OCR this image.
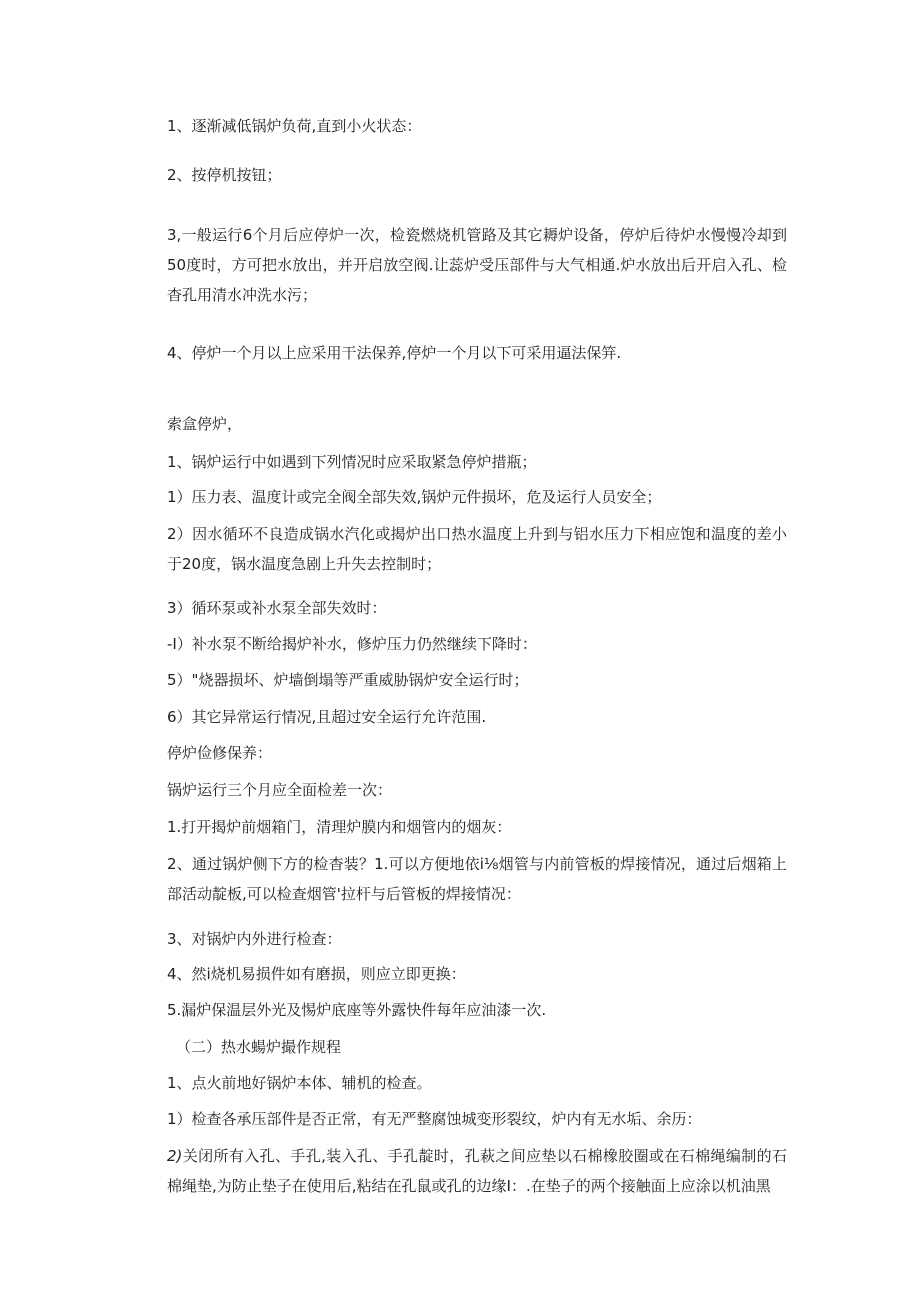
1、逐渐减低锅炉负荷,直到小火状态：

2、按停机按钮；

3,一般运行6个月后应停炉一次，检瓷燃烧机管路及其它耨炉设备，停炉后待炉水慢慢冷却到50度时，方可把水放出，并开启放空阀.让蕊炉受压部件与大气相通.炉水放出后开启入孔、检杳孔用清水冲洗水污；

4、停炉一个月以上应采用干法保养,停炉一个月以下可采用逼法保笄.

索盒停炉，

1、锅炉运行中如遇到下列情况时应采取紧急停炉措瓶；

1）压力表、温度计或完全阀全部失效,锅炉元件损坏，危及运行人员安全；

2）因水循环不良造成锅水汽化或揭炉出口热水温度上升到与铝水压力下相应饱和温度的差小于20度，锅水温度急剧上升失去控制时；

3）循环泵或补水泵全部失效时：

-I）补水泵不断给揭炉补水，修炉压力仍然继续下降时：

5）"烧器损坏、炉墙倒塌等严重威胁锅炉安全运行时；

6）其它异常运行情况,且超过安全运行允许范围.

停炉俭修保养：

锅炉运行三个月应全面检差一次：

1.打开揭炉前烟箱门，清理炉膜内和烟管内的烟灰：

2、通过锅炉侧下方的检杳装？1.可以方便地依i⅛烟管与内前管板的焊接情况，通过后烟箱上部活动靛板,可以检查烟管'拉杆与后管板的焊接情况：

3、对锅炉内外进行检查：

4、然i烧机易损件如有磨损，则应立即更换：

5.漏炉保温层外光及惕炉底座等外露快件每年应油漆一次.

（二）热水蝪炉撮作规程

1、点火前地好锅炉本体、辅机的检查。

1）检查各承压部件是否正常，有无严整腐蚀城变形裂纹，炉内有无水垢、余历：

2)关闭所有入孔、手孔,装入孔、手孔靛时，孔萩之间应垫以石棉橡胶圈或在石棉绳编制的石棉绳垫,为防止垫子在使用后,粘结在孔鼠或孔的边缘I：.在垫子的两个接触面上应涂以机油黑
